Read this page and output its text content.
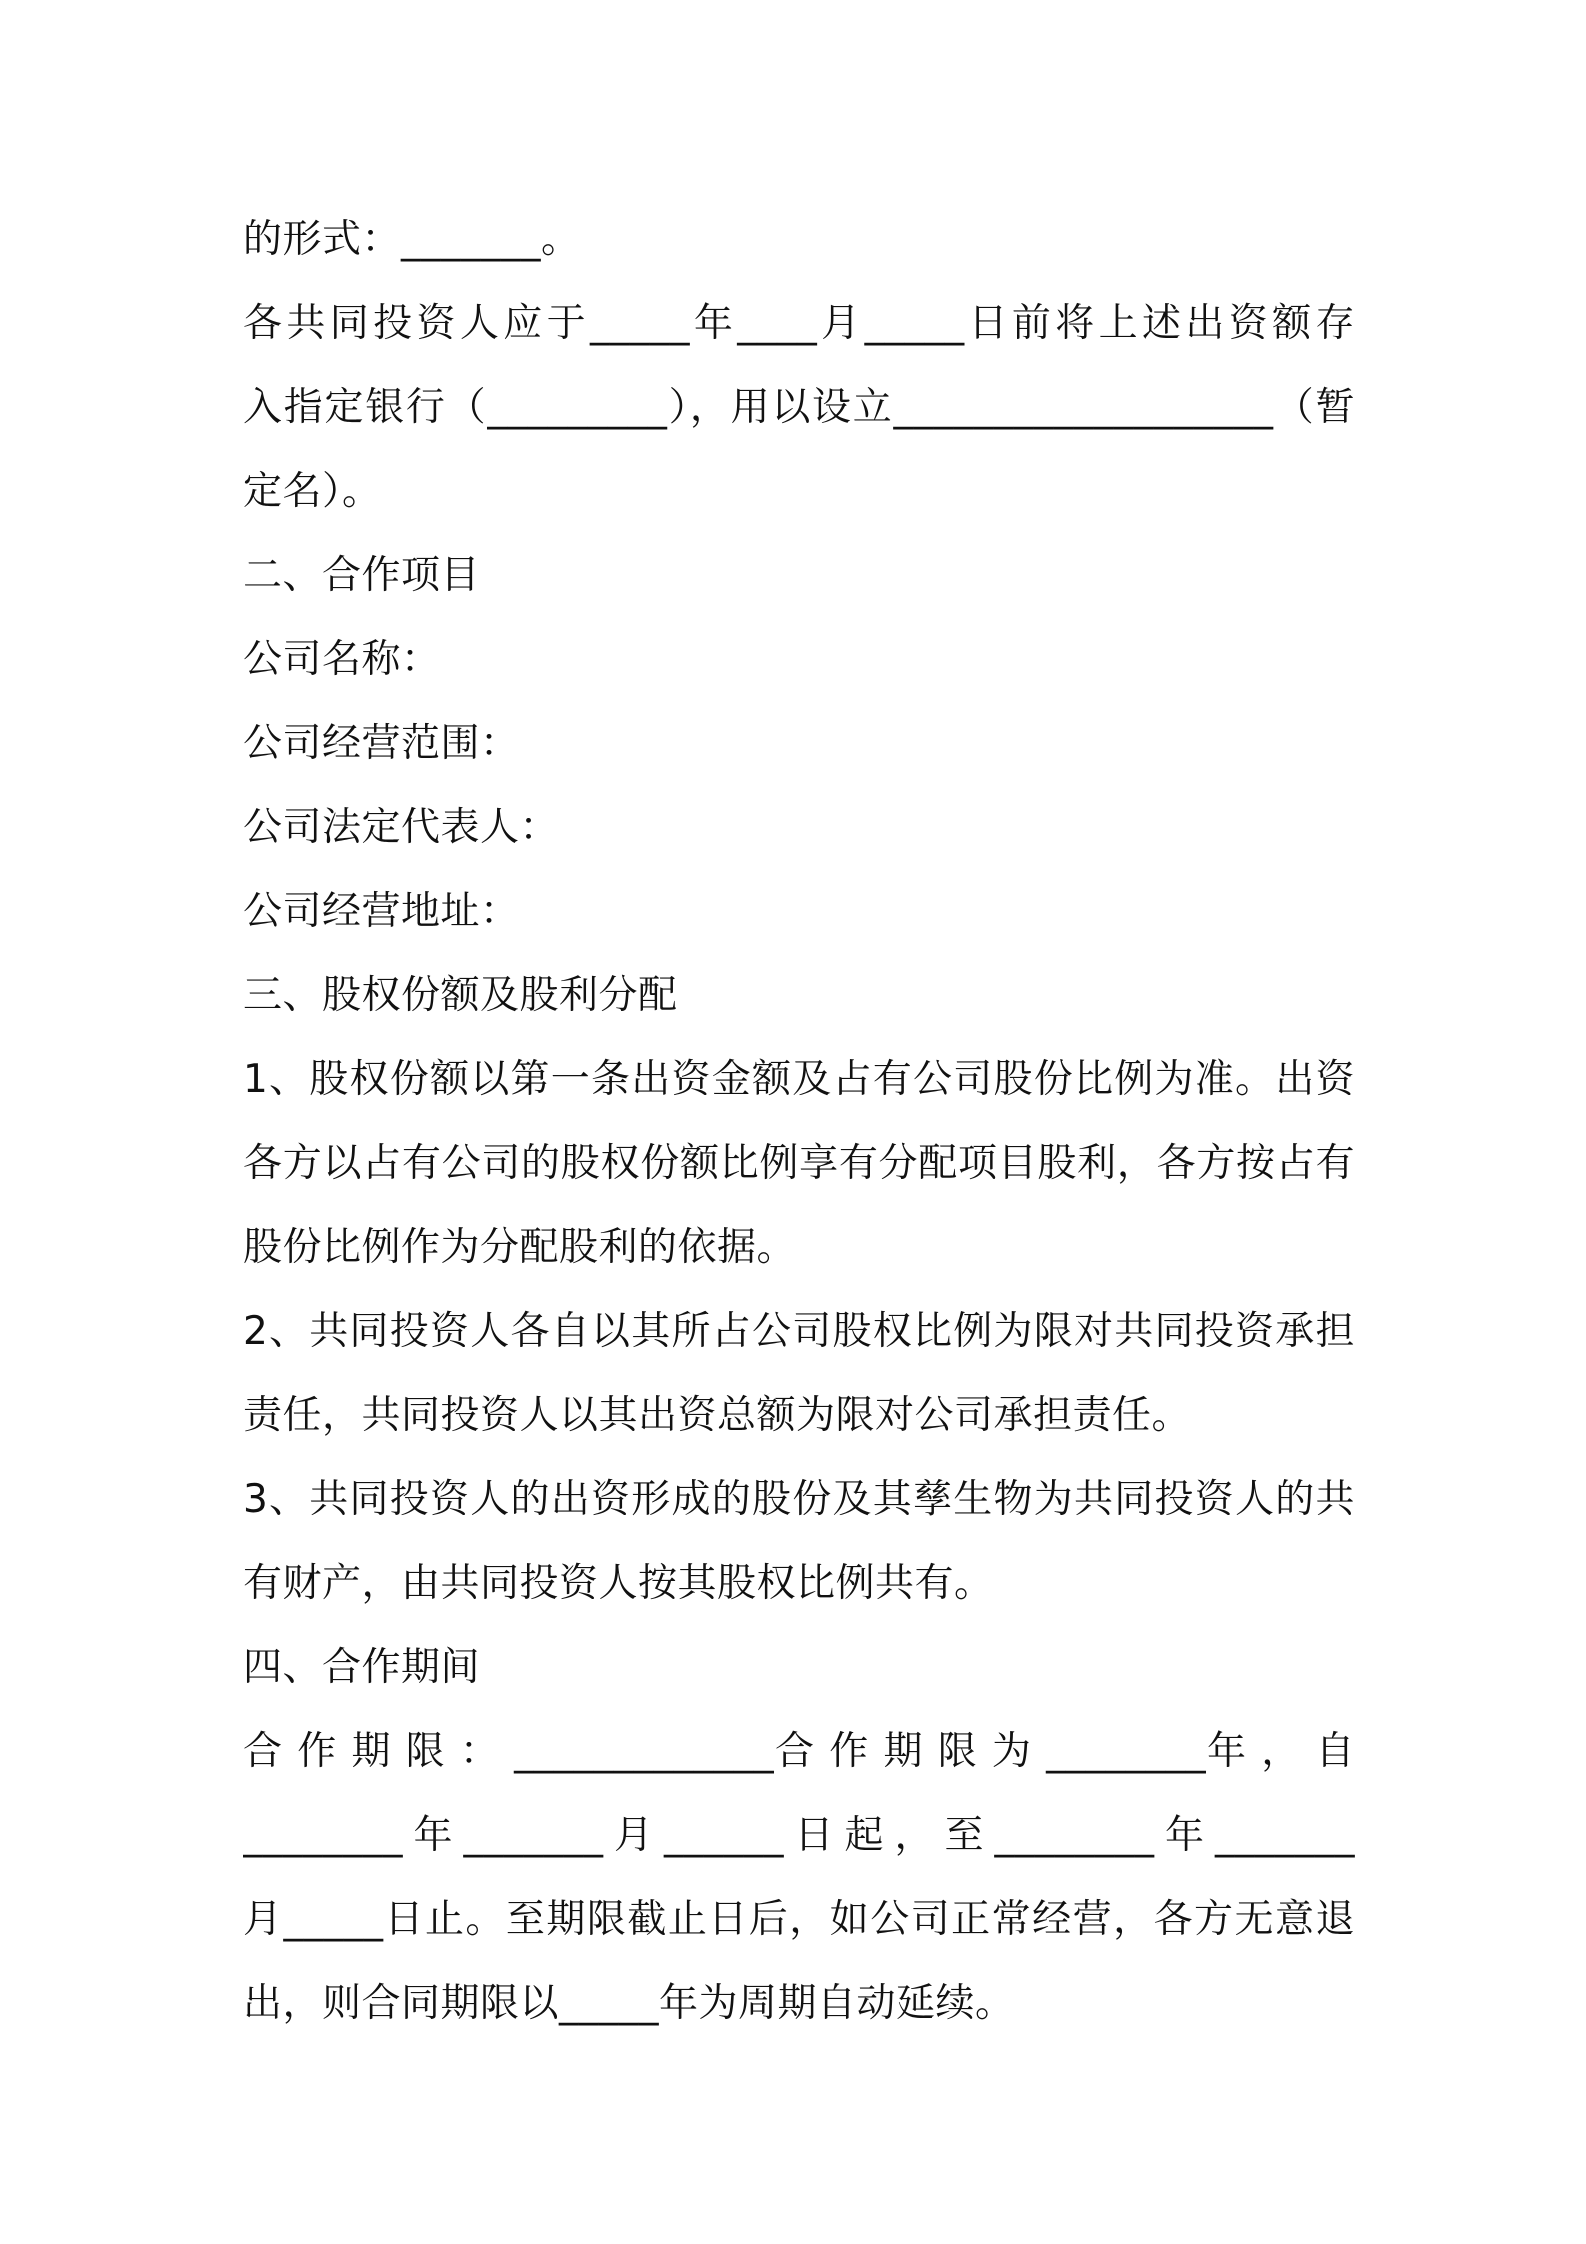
的形式：_______。
各共同投资人应于_____年____月_____日前将上述出资额存
入指定银行（_________），用以设立___________________（暂
定名）。
二、合作项目
公司名称：
公司经营范围：
公司法定代表人：
公司经营地址：
三、股权份额及股利分配
1、股权份额以第一条出资金额及占有公司股份比例为准。出资
各方以占有公司的股权份额比例享有分配项目股利，各方按占有
股份比例作为分配股利的依据。
2、共同投资人各自以其所占公司股权比例为限对共同投资承担
责任，共同投资人以其出资总额为限对公司承担责任。
3、共同投资人的出资形成的股份及其孳生物为共同投资人的共
有财产，由共同投资人按其股权比例共有。
四、合作期间
合 作 期 限 ： _____________合 作 期 限 为 ________年 ， 自
________年_______月______日起，至________年_______
月_____日止。至期限截止日后，如公司正常经营，各方无意退
出，则合同期限以_____年为周期自动延续。
